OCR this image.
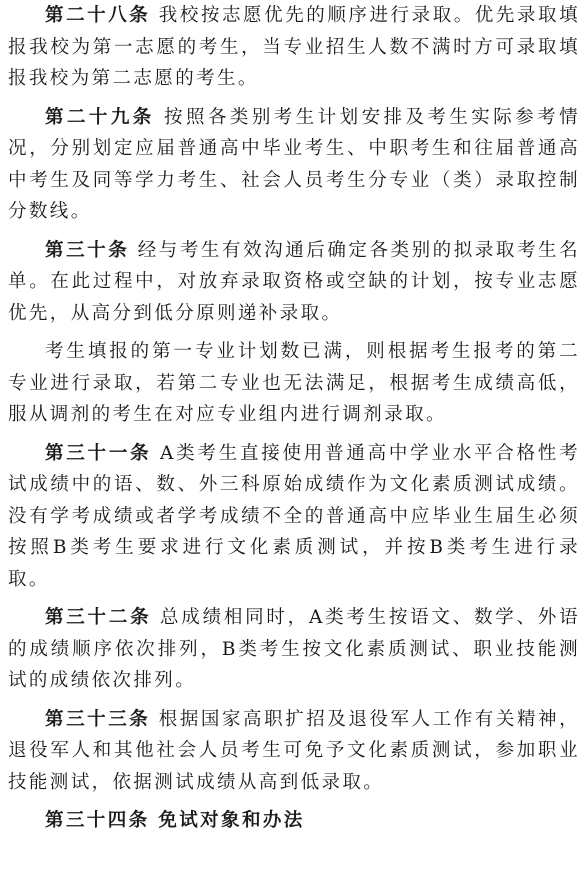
第二十八条 我校按志愿优先的顺序进行录取。优先录取填报我校为第一志愿的考生，当专业招生人数不满时方可录取填报我校为第二志愿的考生。

第二十九条 按照各类别考生计划安排及考生实际参考情况，分别划定应届普通高中毕业考生、中职考生和往届普通高中考生及同等学力考生、社会人员考生分专业（类）录取控制分数线。

第三十条 经与考生有效沟通后确定各类别的拟录取考生名单。在此过程中，对放弃录取资格或空缺的计划，按专业志愿优先，从高分到低分原则递补录取。

考生填报的第一专业计划数已满，则根据考生报考的第二专业进行录取，若第二专业也无法满足，根据考生成绩高低，服从调剂的考生在对应专业组内进行调剂录取。

第三十一条 A类考生直接使用普通高中学业水平合格性考试成绩中的语、数、外三科原始成绩作为文化素质测试成绩。没有学考成绩或者学考成绩不全的普通高中应毕业生届生必须按照B类考生要求进行文化素质测试，并按B类考生进行录取。

第三十二条 总成绩相同时，A类考生按语文、数学、外语的成绩顺序依次排列，B类考生按文化素质测试、职业技能测试的成绩依次排列。

第三十三条 根据国家高职扩招及退役军人工作有关精神，退役军人和其他社会人员考生可免予文化素质测试，参加职业技能测试，依据测试成绩从高到低录取。

第三十四条 免试对象和办法
